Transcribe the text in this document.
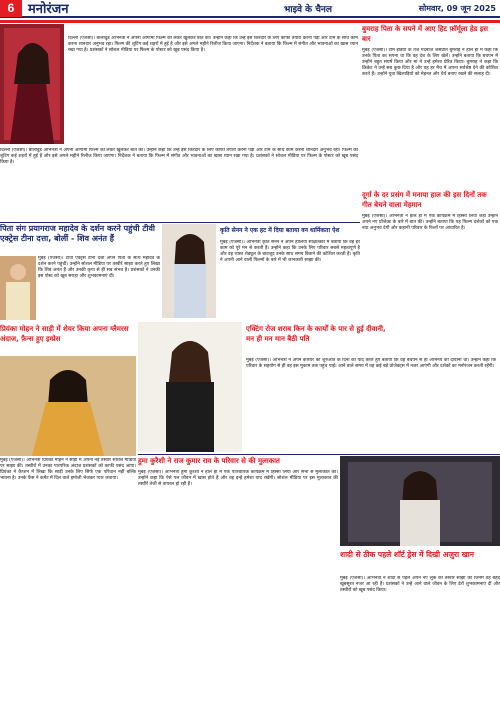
6	मनोरंजन	भाइवे के चैनल	सोमवार, 09 जून 2025
बुमराह पिता के सपने में आए हिट फ़ॉर्मूला हेड इस बार
मुंबई (एजेंसी)। टीम इंडिया के तेज गेंदबाज जसप्रीत बुमराह ने हाल ही में कहा कि उनके पिता का सपना था कि वह देश के लिए खेलें। उन्होंने बताया कि बचपन में उन्होंने बहुत संघर्ष किया और मां ने उन्हें हमेशा प्रेरित किया। बुमराह ने कहा कि क्रिकेट ने उन्हें सब कुछ दिया है और वह हर मैच में अपना सर्वश्रेष्ठ देने की कोशिश करते हैं। उन्होंने युवा खिलाड़ियों को मेहनत और धैर्य बनाए रखने की सलाह दी।
दूर्गा के दर प्रसंग में मनाया हाल की इस दिनों तक गीत बेचने वाला मेहमान
मुंबई (एजेंसी)। अभिनेत्री ने हाल ही में एक कार्यक्रम में हिस्सा लिया जहां उन्होंने अपने नए प्रोजेक्ट के बारे में बात की। उन्होंने बताया कि यह फिल्म दर्शकों को एक नया अनुभव देगी और कहानी परिवार के रिश्तों पर आधारित है।
दिल्ली (एजेंसी)। बॉलीवुड अभिनेत्री ने अपनी आगामी फिल्म को लेकर खुलकर बात की। उन्होंने कहा कि उन्हें इस किरदार के लिए काफी तैयारी करनी पड़ी और टीम के साथ काम करना शानदार अनुभव रहा। फिल्म की शूटिंग कई शहरों में हुई है और इसे अगले महीने रिलीज किया जाएगा। निर्देशक ने बताया कि फिल्म में संगीत और भावनाओं का खास ध्यान रखा गया है। प्रशंसकों ने सोशल मीडिया पर फिल्म के पोस्टर को खूब पसंद किया है।
दिल्ली (एजेंसी)। बॉलीवुड अभिनेत्री ने अपनी आगामी फिल्म को लेकर खुलकर बात की। उन्होंने कहा कि उन्हें इस किरदार के लिए काफी तैयारी करनी पड़ी और टीम के साथ काम करना शानदार अनुभव रहा। फिल्म की शूटिंग कई शहरों में हुई है और इसे अगले महीने रिलीज किया जाएगा। निर्देशक ने बताया कि फिल्म में संगीत और भावनाओं का खास ध्यान रखा गया है। प्रशंसकों ने सोशल मीडिया पर फिल्म के पोस्टर को खूब पसंद किया है।
पिता संग प्रयागराज महादेव के दर्शन करने पहुंची टीवी एक्ट्रेस टीना दत्ता, बोलीं - शिव अनंत हैं
मुंबई (एजेंसी)। टीवी एक्ट्रेस टीना दत्ता अपने पिता के साथ महादेव के दर्शन करने पहुंचीं। उन्होंने सोशल मीडिया पर तस्वीरें साझा करते हुए लिखा कि शिव अनंत हैं और उनकी कृपा से ही सब संभव है। प्रशंसकों ने उनकी इस पोस्ट को खूब सराहा और शुभकामनाएं दीं।
कृति सेनन ने एक हट में दिया बताया वन धार्मिकता ऐश
मुंबई (एजेंसी)। अभिनेत्री कृति सेनन ने अपने हालिया साक्षात्कार में बताया कि वह हर काम को पूरे मन से करती हैं। उन्होंने कहा कि उनके लिए परिवार सबसे महत्वपूर्ण है और वह व्यस्त शेड्यूल के बावजूद उनके साथ समय बिताने की कोशिश करती हैं। कृति ने अपनी आने वाली फिल्मों के बारे में भी जानकारी साझा की।
प्रियंका मोहन ने साड़ी में शेयर किया अपना ग्लैमरस अंदाज, फ़ैन्स हुए इम्प्रेस
मुंबई (एजेंसी)। अभिनेत्री प्रियंका मोहन ने साड़ी में अपनी नई तस्वीरें सोशल मीडिया पर साझा कीं। तस्वीरों में उनका पारंपरिक अंदाज प्रशंसकों को काफी पसंद आया। प्रियंका ने कैप्शन में लिखा कि साड़ी उनके लिए सिर्फ एक परिधान नहीं बल्कि भावना है। उनके फैंस ने कमेंट में दिल वाले इमोजी भेजकर प्यार जताया।
एक्टिंग रोज शराब किन के कार्यों के पार से हुई दीवानी, मन ही मन मान बैठी पति
मुंबई (एजेंसी)। अभिनेत्री ने अपने करियर की शुरुआत के दिनों को याद करते हुए बताया कि वह बचपन से ही अभिनय की दीवानी थीं। उन्होंने कहा कि परिवार के सहयोग से ही वह इस मुकाम तक पहुंच पाईं। आने वाले समय में वह कई बड़े प्रोजेक्ट्स में नजर आएंगी और दर्शकों का मनोरंजन करती रहेंगी।
हुमा कुरैशी ने राज कुमार राव के परिवार से की मुलाकात
मुंबई (एजेंसी)। अभिनेत्री हुमा कुरैशी ने हाल ही में एक पारिवारिक कार्यक्रम में हिस्सा लिया और सभी से मुलाकात की। उन्होंने कहा कि ऐसे पल जीवन में खास होते हैं और वह इन्हें हमेशा याद रखेंगी। सोशल मीडिया पर इस मुलाकात की तस्वीरें तेजी से वायरल हो रही हैं।
शादी से ठीक पहले शॉर्ट ड्रेस में दिखी अज़ुरा खान
मुंबई (एजेंसी)। अभिनेत्री ने शादी से पहले अपने नए लुक की तस्वीरें साझा कीं जिनमें वह बेहद खूबसूरत नजर आ रही हैं। प्रशंसकों ने उन्हें आने वाले जीवन के लिए ढेरों शुभकामनाएं दीं और तस्वीरों को खूब पसंद किया।
